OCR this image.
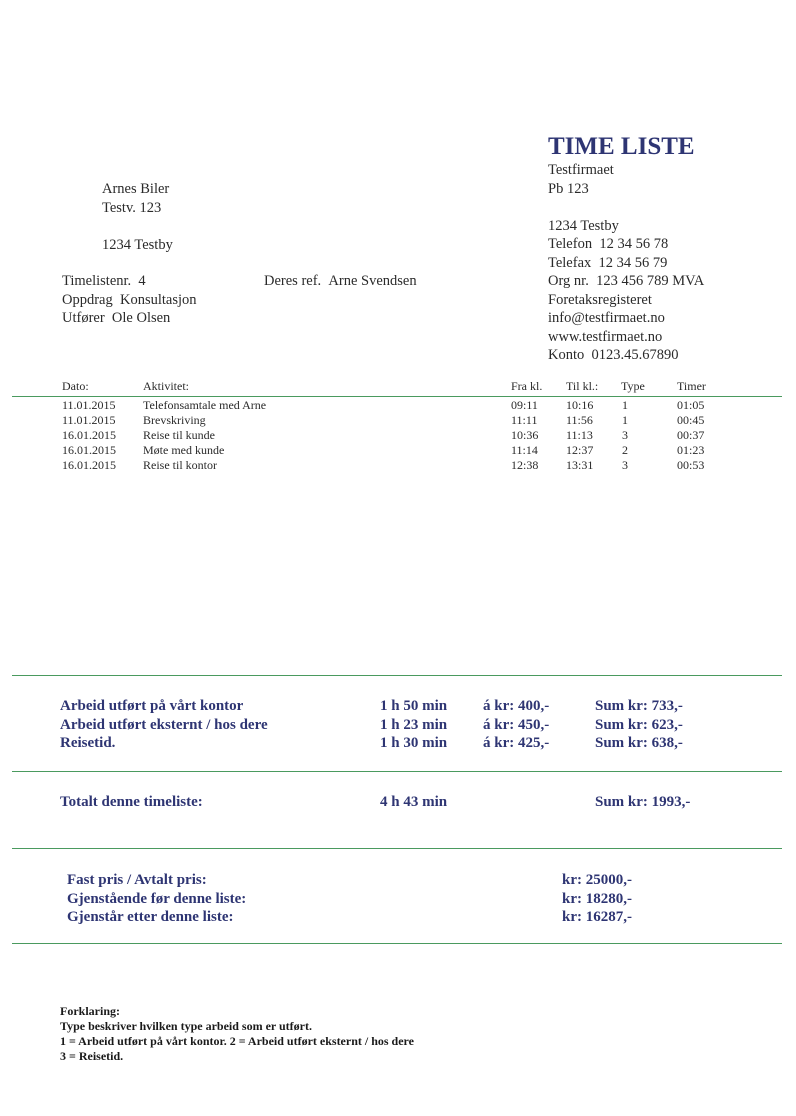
TIME LISTE
Testfirmaet
Pb 123
1234 Testby
Telefon 12 34 56 78
Telefax 12 34 56 79
Org nr. 123 456 789 MVA
Foretaksregisteret
info@testfirmaet.no
www.testfirmaet.no
Konto 0123.45.67890
Arnes Biler
Testv. 123
1234 Testby
Timelistenr. 4
Oppdrag Konsultasjon
Utfører Ole Olsen
Deres ref. Arne Svendsen
Dato:	Aktivitet:	Fra kl. Til kl.: Type	Timer
11.01.2015 Telefonsamtale med Arne	09:11 10:16 1	01:05
11.01.2015 Brevskriving	11:11 11:56 1	00:45
16.01.2015 Reise til kunde	10:36 11:13 3	00:37
16.01.2015 Møte med kunde	11:14 12:37 2	01:23
16.01.2015 Reise til kontor	12:38 13:31 3	00:53
Arbeid utført på vårt kontor	1 h 50 min á kr: 400,-	Sum kr: 733,-
Arbeid utført eksternt / hos dere	1 h 23 min á kr: 450,-	Sum kr: 623,-
Reisetid.	1 h 30 min á kr: 425,-	Sum kr: 638,-
Totalt denne timeliste:	4 h 43 min	Sum kr: 1993,-
Fast pris / Avtalt pris:	kr: 25000,-
Gjenstående før denne liste:	kr: 18280,-
Gjenstår etter denne liste:	kr: 16287,-
Forklaring:
Type beskriver hvilken type arbeid som er utført.
1 = Arbeid utført på vårt kontor. 2 = Arbeid utført eksternt / hos dere
3 = Reisetid.
